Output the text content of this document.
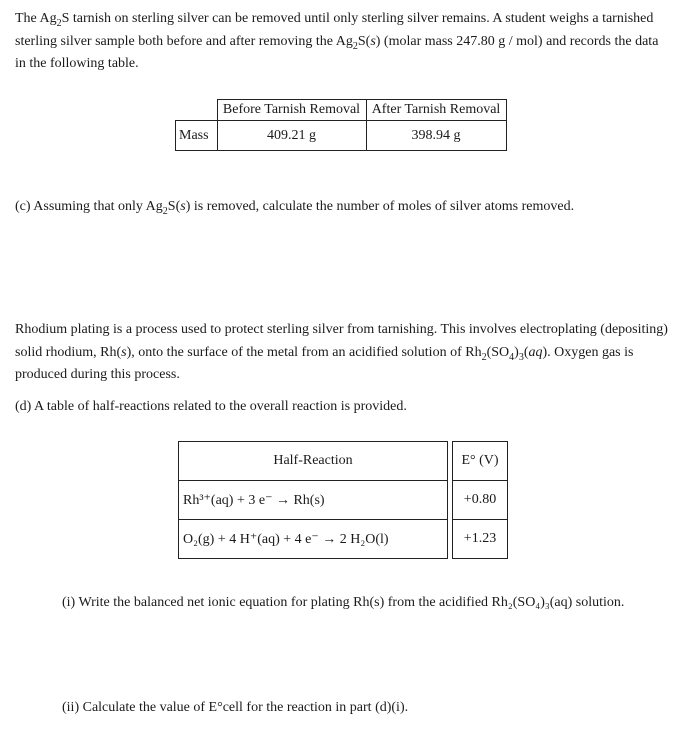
The $Ag_2S$ tarnish on sterling silver can be removed until only sterling silver remains. A student weighs a tarnished sterling silver sample both before and after removing the $Ag_2S(s)$ (molar mass 247.80 g / mol) and records the data in the following table.

	Before Tarnish Removal	After Tarnish Removal
Mass	409.21 g	398.94 g

(c) Assuming that only $Ag_2S(s)$ is removed, calculate the number of moles of silver atoms removed.

Rhodium plating is a process used to protect sterling silver from tarnishing. This involves electroplating (depositing) solid rhodium, Rh(s), onto the surface of the metal from an acidified solution of $Rh_2(SO_4)_3(aq)$. Oxygen gas is produced during this process.

(d) A table of half-reactions related to the overall reaction is provided.

Half-Reaction		E° (V)
Rh³⁺(aq) + 3 e⁻ → Rh(s)		+0.80
O₂(g) + 4 H⁺(aq) + 4 e⁻ → 2 H₂O(l)		+1.23

(i) Write the balanced net ionic equation for plating Rh(s) from the acidified Rh₂(SO₄)₃(aq) solution.

(ii) Calculate the value of E°cell for the reaction in part (d)(i).
